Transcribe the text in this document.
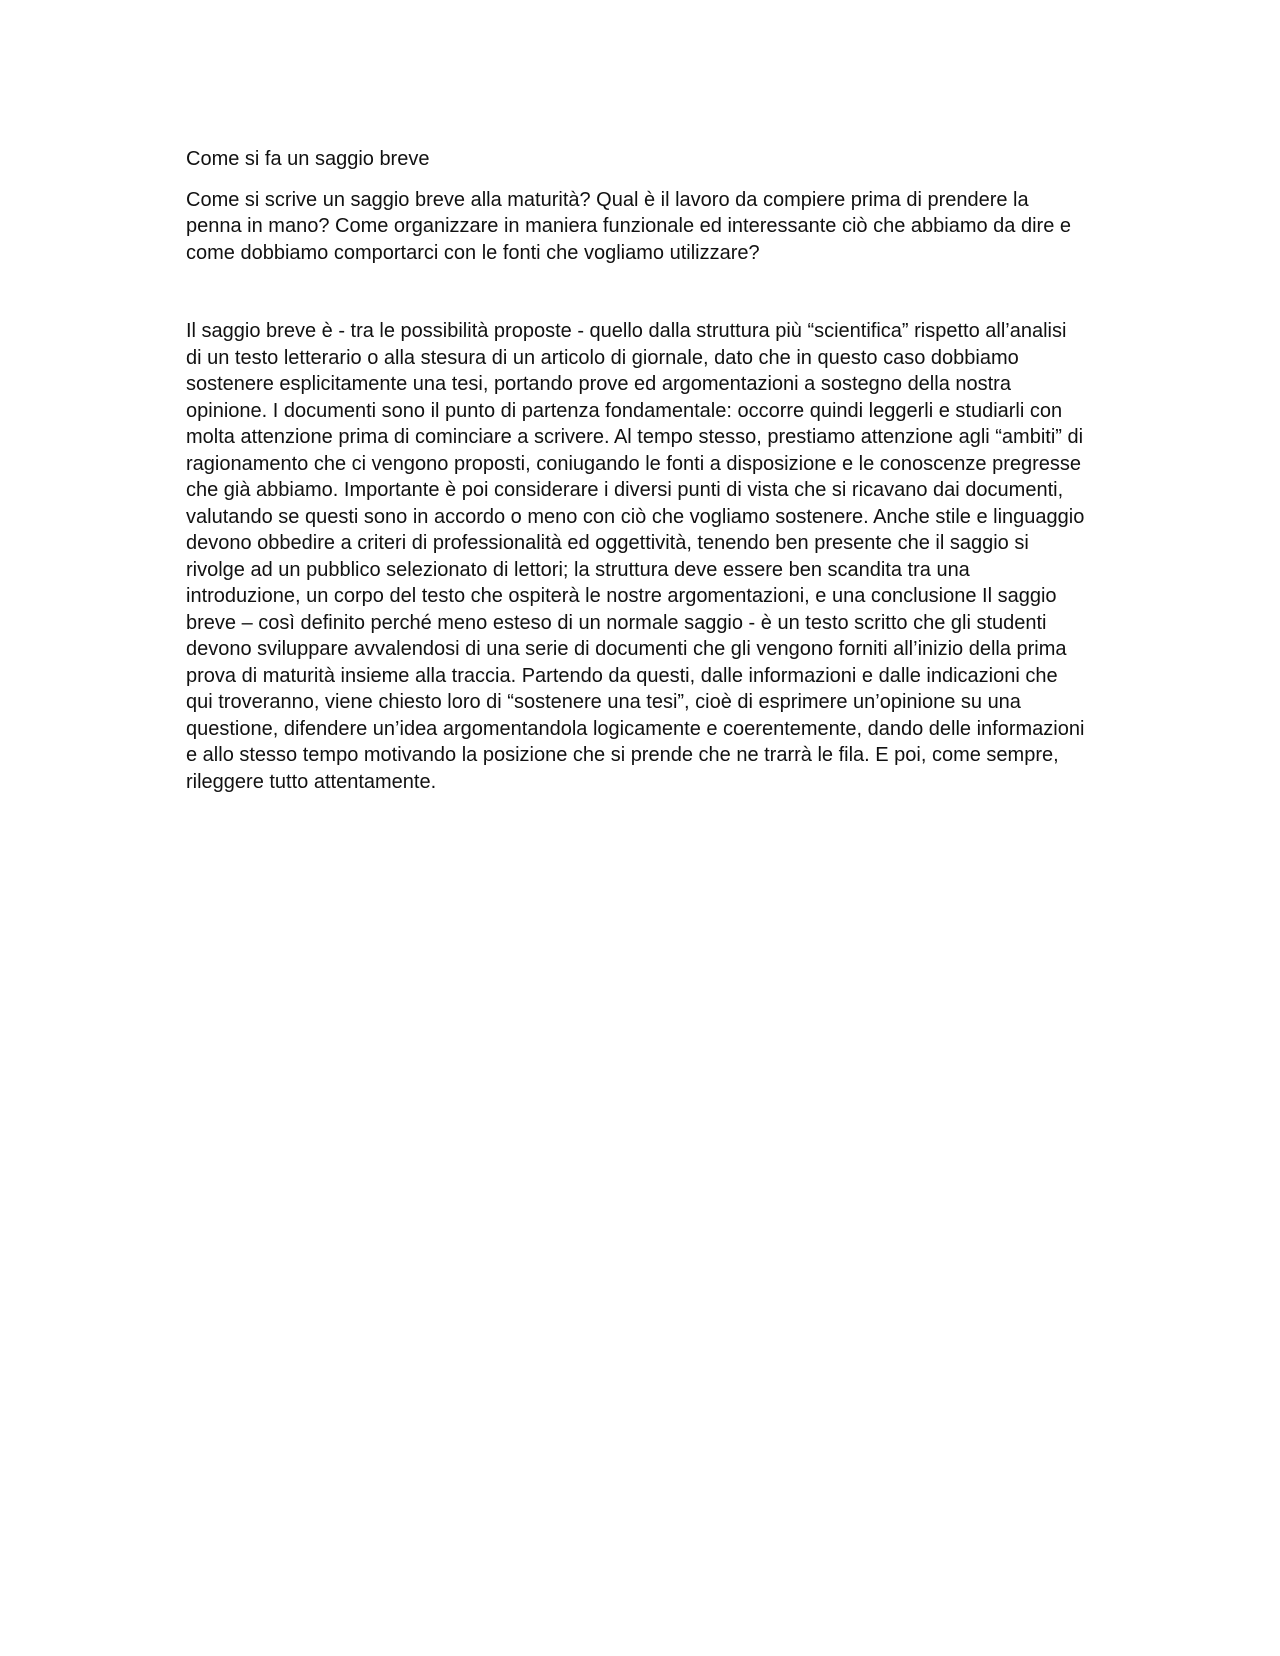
Come si fa un saggio breve

Come si scrive un saggio breve alla maturità? Qual è il lavoro da compiere prima di prendere la penna in mano? Come organizzare in maniera funzionale ed interessante ciò che abbiamo da dire e come dobbiamo comportarci con le fonti che vogliamo utilizzare?

Il saggio breve è - tra le possibilità proposte - quello dalla struttura più “scientifica” rispetto all’analisi di un testo letterario o alla stesura di un articolo di giornale, dato che in questo caso dobbiamo sostenere esplicitamente una tesi, portando prove ed argomentazioni a sostegno della nostra opinione. I documenti sono il punto di partenza fondamentale: occorre quindi leggerli e studiarli con molta attenzione prima di cominciare a scrivere. Al tempo stesso, prestiamo attenzione agli “ambiti” di ragionamento che ci vengono proposti, coniugando le fonti a disposizione e le conoscenze pregresse che già abbiamo. Importante è poi considerare i diversi punti di vista che si ricavano dai documenti, valutando se questi sono in accordo o meno con ciò che vogliamo sostenere. Anche stile e linguaggio devono obbedire a criteri di professionalità ed oggettività, tenendo ben presente che il saggio si rivolge ad un pubblico selezionato di lettori; la struttura deve essere ben scandita tra una introduzione, un corpo del testo che ospiterà le nostre argomentazioni, e una conclusione Il saggio breve – così definito perché meno esteso di un normale saggio - è un testo scritto che gli studenti devono sviluppare avvalendosi di una serie di documenti che gli vengono forniti all’inizio della prima prova di maturità insieme alla traccia. Partendo da questi, dalle informazioni e dalle indicazioni che qui troveranno, viene chiesto loro di “sostenere una tesi”, cioè di esprimere un’opinione su una questione, difendere un’idea argomentandola logicamente e coerentemente, dando delle informazioni e allo stesso tempo motivando la posizione che si prende che ne trarrà le fila. E poi, come sempre, rileggere tutto attentamente.
